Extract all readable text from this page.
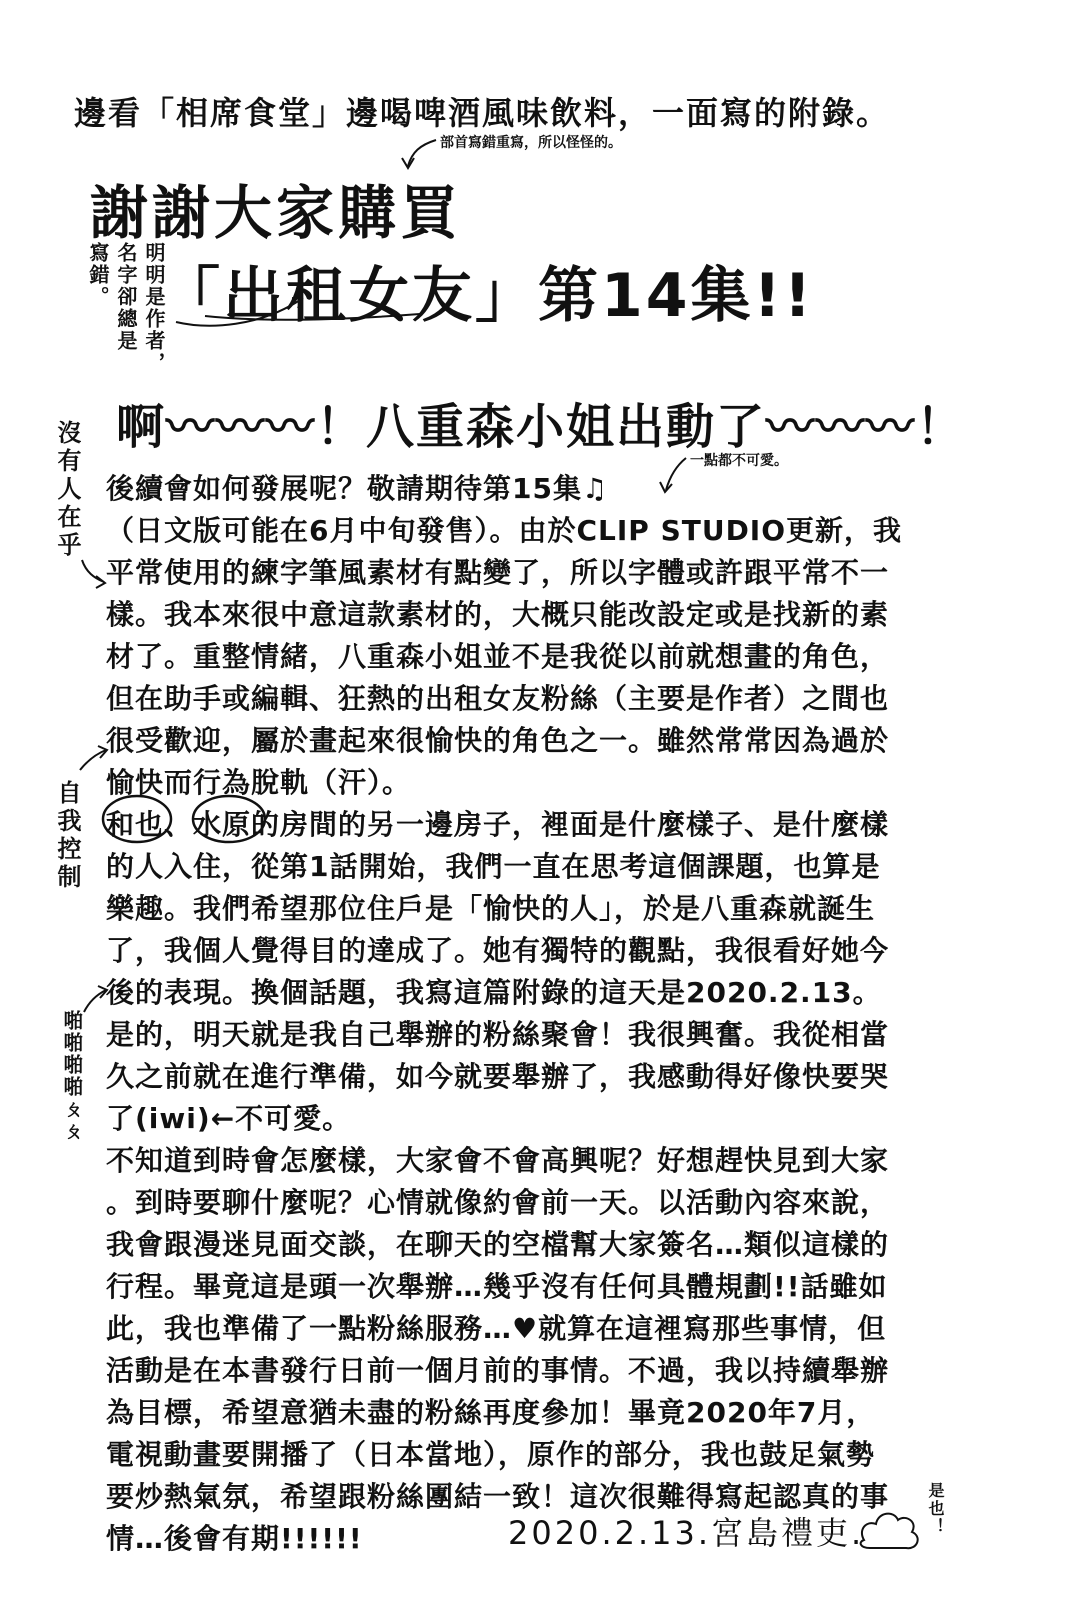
邊看「相席食堂」邊喝啤酒風味飲料，一面寫的附錄。
部首寫錯重寫，所以怪怪的。
謝謝大家購買
「出租女友」第14集!!
明明是作者，
名字卻總是
寫錯。
啊〰〰〰！八重森小姐出動了〰〰〰！
一點都不可愛。
沒有人在乎
自我控制
啪啪啪啪ㄆㄆ
後續會如何發展呢？敬請期待第15集♫
（日文版可能在6月中旬發售）。由於CLIP STUDIO更新，我
平常使用的練字筆風素材有點變了，所以字體或許跟平常不一
樣。我本來很中意這款素材的，大概只能改設定或是找新的素
材了。重整情緒，八重森小姐並不是我從以前就想畫的角色，
但在助手或編輯、狂熱的出租女友粉絲（主要是作者）之間也
很受歡迎，屬於畫起來很愉快的角色之一。雖然常常因為過於
愉快而行為脫軌（汗）。
和也、水原的房間的另一邊房子，裡面是什麼樣子、是什麼樣
的人入住，從第1話開始，我們一直在思考這個課題，也算是
樂趣。我們希望那位住戶是「愉快的人」，於是八重森就誕生
了，我個人覺得目的達成了。她有獨特的觀點，我很看好她今
後的表現。換個話題，我寫這篇附錄的這天是2020.2.13。
是的，明天就是我自己舉辦的粉絲聚會！我很興奮。我從相當
久之前就在進行準備，如今就要舉辦了，我感動得好像快要哭
了(iwi)←不可愛。
不知道到時會怎麼樣，大家會不會高興呢？好想趕快見到大家
。到時要聊什麼呢？心情就像約會前一天。以活動內容來說，
我會跟漫迷見面交談，在聊天的空檔幫大家簽名…類似這樣的
行程。畢竟這是頭一次舉辦…幾乎沒有任何具體規劃!!話雖如
此，我也準備了一點粉絲服務…♥就算在這裡寫那些事情，但
活動是在本書發行日前一個月前的事情。不過，我以持續舉辦
為目標，希望意猶未盡的粉絲再度參加！畢竟2020年7月，
電視動畫要開播了（日本當地），原作的部分，我也鼓足氣勢
要炒熱氣氛，希望跟粉絲團結一致！這次很難得寫起認真的事
情…後會有期!!!!!!	2020.2.13.宮島禮吏.	是也！
